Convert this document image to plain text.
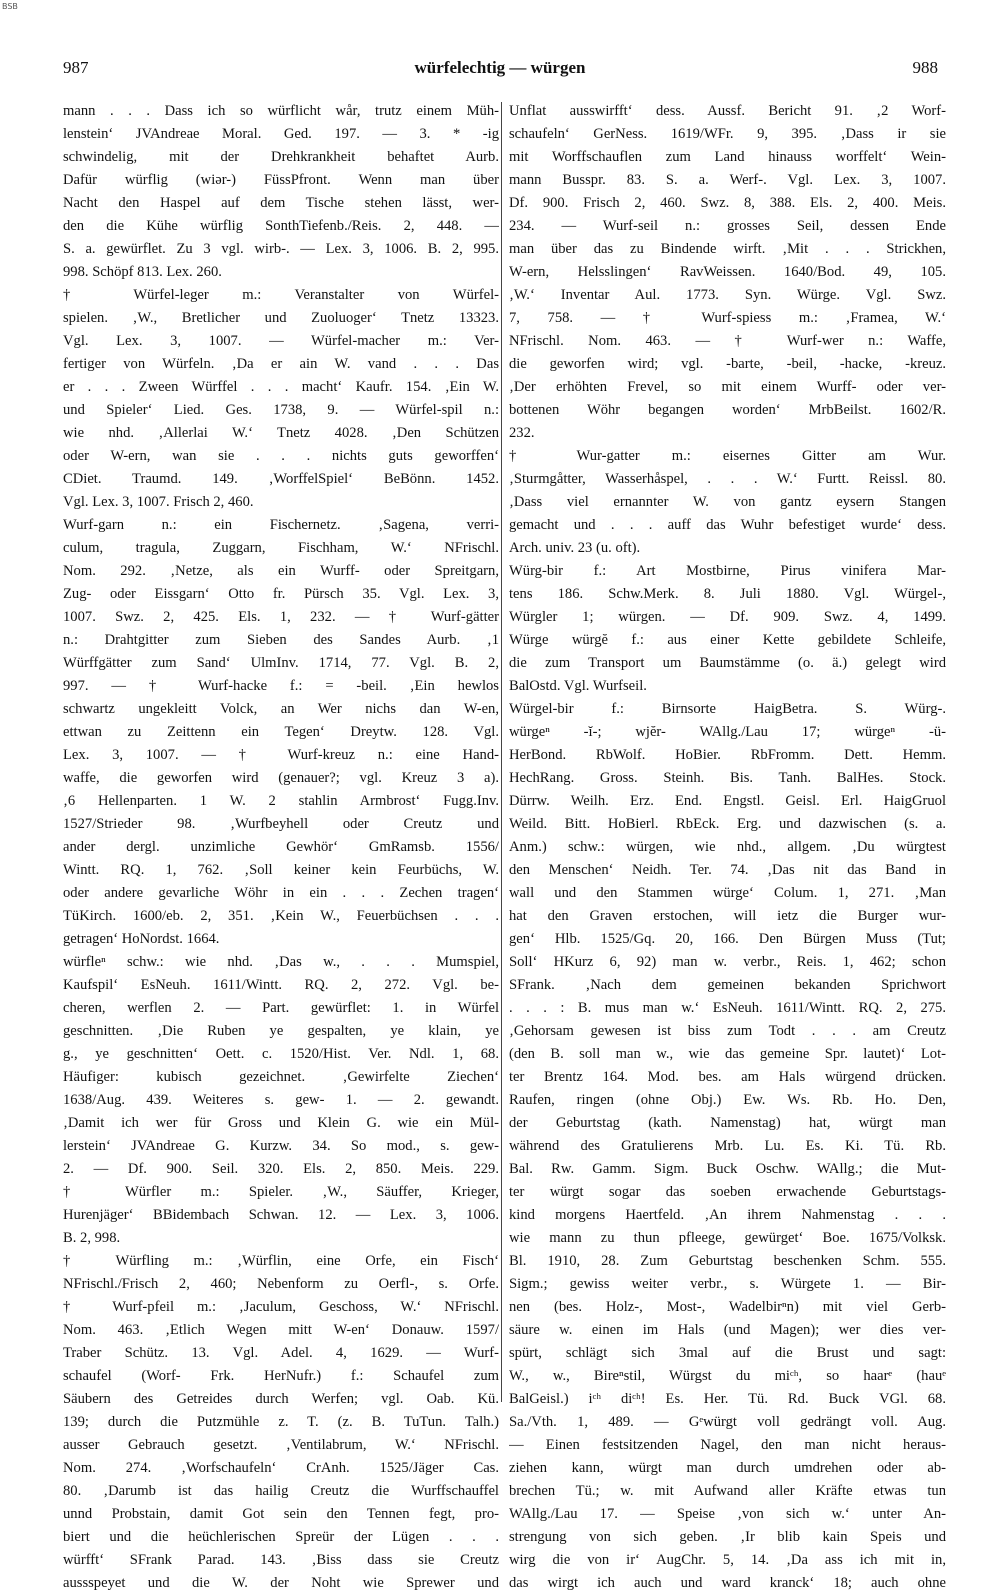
BSB
987	würfelechtig — würgen	988
mann . . . Dass ich so würflicht wår, trutz einem Müh-
lenstein‘ JVAndreae Moral. Ged. 197. — 3. * -ig
schwindelig, mit der Drehkrankheit behaftet Aurb.
Dafür würflig (wiər-) FüssPfront. Wenn man über
Nacht den Haspel auf dem Tische stehen lässt, wer-
den die Kühe würflig SonthTiefenb./Reis. 2, 448. —
S. a. gewürflet. Zu 3 vgl. wirb-. — Lex. 3, 1006. B. 2, 995.
998. Schöpf 813. Lex. 260.
† Würfel-leger m.: Veranstalter von Würfel-
spielen. ‚W., Bretlicher und Zuoluoger‘ Tnetz 13323.
Vgl. Lex. 3, 1007. — Würfel-macher m.: Ver-
fertiger von Würfeln. ‚Da er ain W. vand . . . Das
er . . . Zween Würffel . . . macht‘ Kaufr. 154. ‚Ein W.
und Spieler‘ Lied. Ges. 1738, 9. — Würfel-spil n.:
wie nhd. ‚Allerlai W.‘ Tnetz 4028. ‚Den Schützen
oder W-ern, wan sie . . . nichts guts geworffen‘
CDiet. Traumd. 149. ‚WorffelSpiel‘ BeBönn. 1452.
Vgl. Lex. 3, 1007. Frisch 2, 460.
Wurf-garn n.: ein Fischernetz. ‚Sagena, verri-
culum, tragula, Zuggarn, Fischham, W.‘ NFrischl.
Nom. 292. ‚Netze, als ein Wurff- oder Spreitgarn,
Zug- oder Eissgarn‘ Otto fr. Pürsch 35. Vgl. Lex. 3,
1007. Swz. 2, 425. Els. 1, 232. — † Wurf-gätter
n.: Drahtgitter zum Sieben des Sandes Aurb. ‚1
Würffgätter zum Sand‘ UlmInv. 1714, 77. Vgl. B. 2,
997. — † Wurf-hacke f.: = -beil. ‚Ein hewlos
schwartz ungekleitt Volck, an Wer nichs dan W-en,
ettwan zu Zeittenn ein Tegen‘ Dreytw. 128. Vgl.
Lex. 3, 1007. — † Wurf-kreuz n.: eine Hand-
waffe, die geworfen wird (genauer?; vgl. Kreuz 3 a).
‚6 Hellenparten. 1 W. 2 stahlin Armbrost‘ Fugg.Inv.
1527/Strieder 98. ‚Wurfbeyhell oder Creutz und
ander dergl. unzimliche Gewhör‘ GmRamsb. 1556/
Wintt. RQ. 1, 762. ‚Soll keiner kein Feurbüchs, W.
oder andere gevarliche Wöhr in ein . . . Zechen tragen‘
TüKirch. 1600/eb. 2, 351. ‚Kein W., Feuerbüchsen . . .
getragen‘ HoNordst. 1664.
würfleⁿ schw.: wie nhd. ‚Das w., . . . Mumspiel,
Kaufspil‘ EsNeuh. 1611/Wintt. RQ. 2, 272. Vgl. be-
cheren, werflen 2. — Part. gewürflet: 1. in Würfel
geschnitten. ‚Die Ruben ye gespalten, ye klain, ye
g., ye geschnitten‘ Oett. c. 1520/Hist. Ver. Ndl. 1, 68.
Häufiger: kubisch gezeichnet. ‚Gewirfelte Ziechen‘
1638/Aug. 439. Weiteres s. gew- 1. — 2. gewandt.
‚Damit ich wer für Gross und Klein G. wie ein Mül-
lerstein‘ JVAndreae G. Kurzw. 34. So mod., s. gew-
2. — Df. 900. Seil. 320. Els. 2, 850. Meis. 229.
† Würfler m.: Spieler. ‚W., Säuffer, Krieger,
Hurenjäger‘ BBidembach Schwan. 12. — Lex. 3, 1006.
B. 2, 998.
† Würfling m.: ‚Würflin, eine Orfe, ein Fisch‘
NFrischl./Frisch 2, 460; Nebenform zu Oerfl-, s. Orfe.
† Wurf-pfeil m.: ‚Jaculum, Geschoss, W.‘ NFrischl.
Nom. 463. ‚Etlich Wegen mitt W-en‘ Donauw. 1597/
Traber Schütz. 13. Vgl. Adel. 4, 1629. — Wurf-
schaufel (Worf- Frk. HerNufr.) f.: Schaufel zum
Säubern des Getreides durch Werfen; vgl. Oab. Kü.
139; durch die Putzmühle z. T. (z. B. TuTun. Talh.)
ausser Gebrauch gesetzt. ‚Ventilabrum, W.‘ NFrischl.
Nom. 274. ‚Worfschaufeln‘ CrAnh. 1525/Jäger Cas.
80. ‚Darumb ist das hailig Creutz die Wurffschauffel
unnd Probstain, damit Got sein den Tennen fegt, pro-
biert und die heüchlerischen Spreür der Lügen . . .
würfft‘ SFrank Parad. 143. ‚Biss dass sie Creutz
aussspeyet und die W. der Noht wie Sprewer und
Unflat ausswirfft‘ dess. Aussf. Bericht 91. ‚2 Worf-
schaufeln‘ GerNess. 1619/WFr. 9, 395. ‚Dass ir sie
mit Worffschauflen zum Land hinauss worffelt‘ Wein-
mann Busspr. 83. S. a. Werf-. Vgl. Lex. 3, 1007.
Df. 900. Frisch 2, 460. Swz. 8, 388. Els. 2, 400. Meis.
234. — Wurf-seil n.: grosses Seil, dessen Ende
man über das zu Bindende wirft. ‚Mit . . . Strickhen,
W-ern, Helsslingen‘ RavWeissen. 1640/Bod. 49, 105.
‚W.‘ Inventar Aul. 1773. Syn. Würge. Vgl. Swz.
7, 758. — † Wurf-spiess m.: ‚Framea, W.‘
NFrischl. Nom. 463. — † Wurf-wer n.: Waffe,
die geworfen wird; vgl. -barte, -beil, -hacke, -kreuz.
‚Der erhöhten Frevel, so mit einem Wurff- oder ver-
bottenen Wöhr begangen worden‘ MrbBeilst. 1602/R.
232.
† Wur-gatter m.: eisernes Gitter am Wur.
‚Sturmgåtter, Wasserhåspel, . . . W.‘ Furtt. Reissl. 80.
‚Dass viel ernannter W. von gantz eysern Stangen
gemacht und . . . auff das Wuhr befestiget wurde‘ dess.
Arch. univ. 23 (u. oft).
Würg-bir f.: Art Mostbirne, Pirus vinifera Mar-
tens 186. Schw.Merk. 8. Juli 1880. Vgl. Würgel-,
Würgler 1; würgen. — Df. 909. Swz. 4, 1499.
Würge würgĕ f.: aus einer Kette gebildete Schleife,
die zum Transport um Baumstämme (o. ä.) gelegt wird
BalOstd. Vgl. Wurfseil.
Würgel-bir f.: Birnsorte HaigBetra. S. Würg-.
würgeⁿ -ĭ-; wjĕr- WAllg./Lau 17; würgeⁿ -ü-
HerBond. RbWolf. HoBier. RbFromm. Dett. Hemm.
HechRang. Gross. Steinh. Bis. Tanh. BalHes. Stock.
Dürrw. Weilh. Erz. End. Engstl. Geisl. Erl. HaigGruol
Weild. Bitt. HoBierl. RbEck. Erg. und dazwischen (s. a.
Anm.) schw.: würgen, wie nhd., allgem. ‚Du würgtest
den Menschen‘ Neidh. Ter. 74. ‚Das nit das Band in
wall und den Stammen würge‘ Colum. 1, 271. ‚Man
hat den Graven erstochen, will ietz die Burger wur-
gen‘ Hlb. 1525/Gq. 20, 166. Den Bürgen Muss (Tut;
Soll‘ HKurz 6, 92) man w. verbr., Reis. 1, 462; schon
SFrank. ‚Nach dem gemeinen bekanden Sprichwort
. . . : B. mus man w.‘ EsNeuh. 1611/Wintt. RQ. 2, 275.
‚Gehorsam gewesen ist biss zum Todt . . . am Creutz
(den B. soll man w., wie das gemeine Spr. lautet)‘ Lot-
ter Brentz 164. Mod. bes. am Hals würgend drücken.
Raufen, ringen (ohne Obj.) Ew. Ws. Rb. Ho. Den,
der Geburtstag (kath. Namenstag) hat, würgt man
während des Gratulierens Mrb. Lu. Es. Ki. Tü. Rb.
Bal. Rw. Gamm. Sigm. Buck Oschw. WAllg.; die Mut-
ter würgt sogar das soeben erwachende Geburtstags-
kind morgens Haertfeld. ‚An ihrem Nahmenstag . . .
wie mann zu thun pfleege, gewürget‘ Boe. 1675/Volksk.
Bl. 1910, 28. Zum Geburtstag beschenken Schm. 555.
Sigm.; gewiss weiter verbr., s. Würgete 1. — Bir-
nen (bes. Holz-, Most-, Wadelbirⁿn) mit viel Gerb-
säure w. einen im Hals (und Magen); wer dies ver-
spürt, schlägt sich 3mal auf die Brust und sagt:
W., w., Bireⁿstil, Würgst du miᶜʰ, so haarᵉ (hauᵉ
BalGeisl.) iᶜʰ diᶜʰ! Es. Her. Tü. Rd. Buck VGl. 68.
Sa./Vth. 1, 489. — Gᵉwürgt voll gedrängt voll. Aug.
— Einen festsitzenden Nagel, den man nicht heraus-
ziehen kann, würgt man durch umdrehen oder ab-
brechen Tü.; w. mit Aufwand aller Kräfte etwas tun
WAllg./Lau 17. — Speise ‚von sich w.‘ unter An-
strengung von sich geben. ‚Ir blib kain Speis und
wirg die von ir‘ AugChr. 5, 14. ‚Da ass ich mit in,
das wirgt ich auch und ward kranck‘ 18; auch ohne
